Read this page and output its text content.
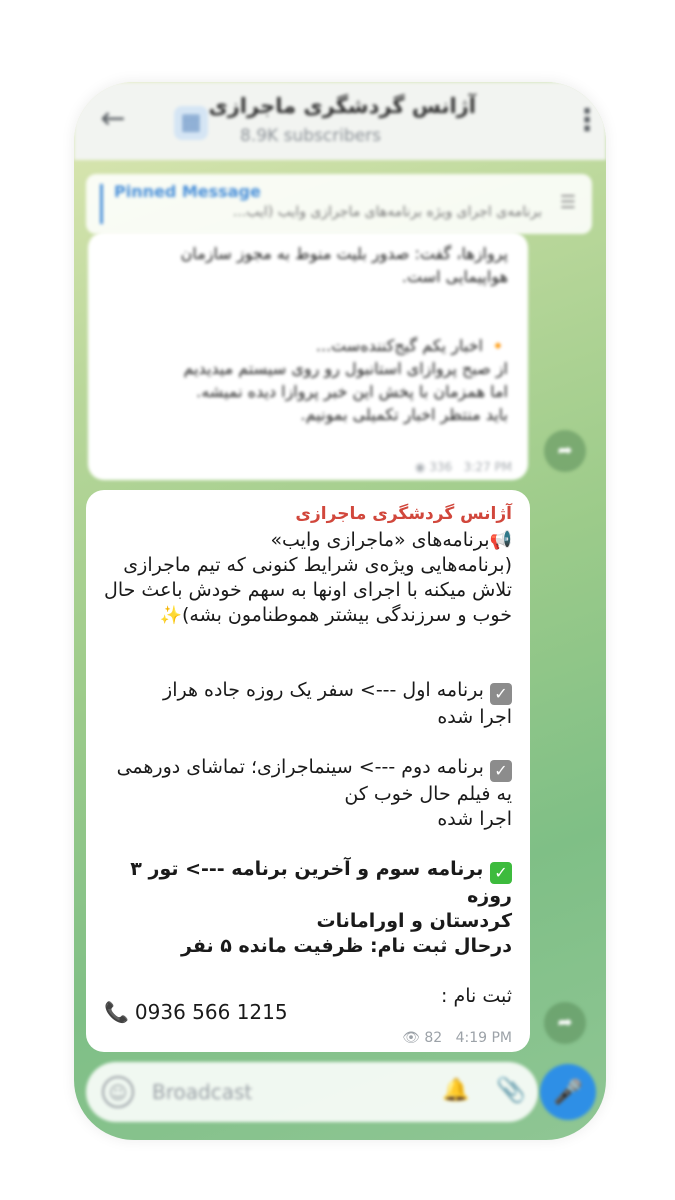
←	▦
آژانس گردشگری ماجرازی
8.9K subscribers	⋮
Pinned Message
برنامه‌ی اجرای ویژه برنامه‌های ماجرازی وایب (ایب... ☰
پروازها، گفت: صدور بلیت منوط به مجوز سازمان
هواپیمایی است.
🔸 اخبار یکم گیج‌کننده‌ست...
از صبح پروازای استانبول رو روی سیستم میدیدیم
اما همزمان با پخش این خبر پروازا دیده نمیشه.
باید منتظر اخبار تکمیلی بمونیم.
◉ 336 3:27 PM
➦
آژانس گردشگری ماجرازی

📢برنامه‌های «ماجرازی وایب»

(برنامه‌هایی ویژه‌ی شرایط کنونی که تیم ماجرازی تلاش میکنه با اجرای اونها به سهم خودش باعث حال خوب و سرزندگی بیشتر هموطنامون بشه)✨

✓ برنامه اول ---> سفر یک روزه جاده هراز

اجرا شده

✓ برنامه دوم ---> سینماجرازی؛ تماشای دورهمی

یه فیلم حال خوب کن

اجرا شده

✓ برنامه سوم و آخرین برنامه ---> تور ۳ روزه

کردستان و اورامانات

درحال ثبت نام: ظرفیت مانده ۵ نفر

ثبت نام :

📞 0936 566 1215
👁 82 4:19 PM
➦
☺	Broadcast	🔔 📎	🎤
